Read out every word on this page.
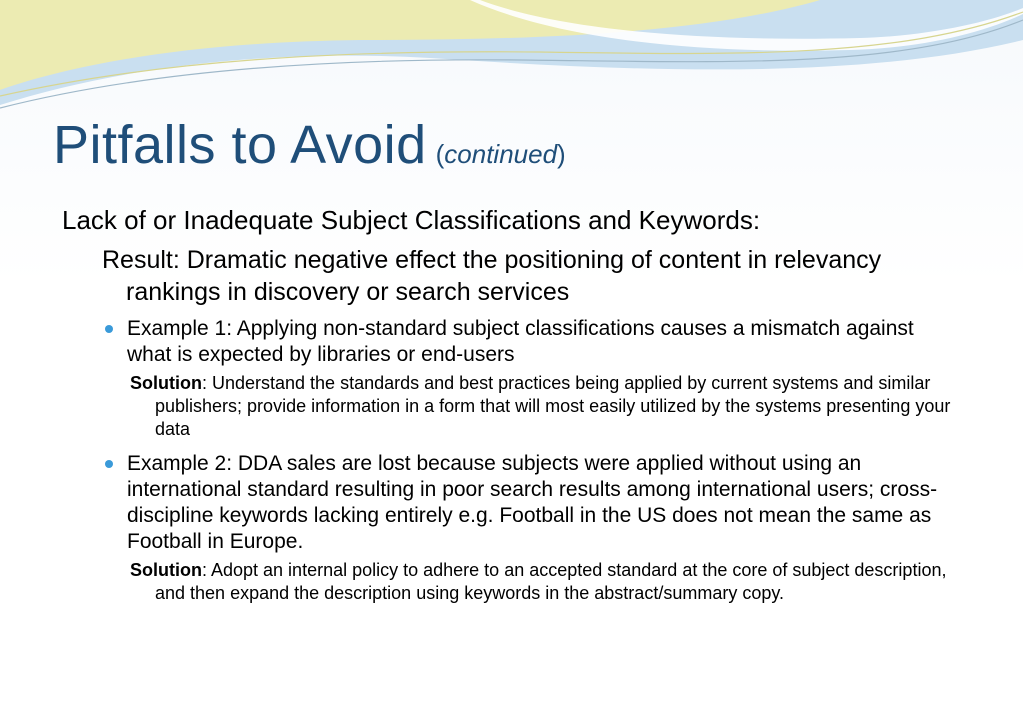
Pitfalls to Avoid (continued)

Lack of or Inadequate Subject Classifications and Keywords:

Result: Dramatic negative effect the positioning of content in relevancy rankings in discovery or search services

Example 1: Applying non-standard subject classifications causes a mismatch against what is expected by libraries or end-users

Solution: Understand the standards and best practices being applied by current systems and similar publishers; provide information in a form that will most easily utilized by the systems presenting your data

Example 2: DDA sales are lost because subjects were applied without using an international standard resulting in poor search results among international users; cross-discipline keywords lacking entirely e.g. Football in the US does not mean the same as Football in Europe.

Solution: Adopt an internal policy to adhere to an accepted standard at the core of subject description, and then expand the description using keywords in the abstract/summary copy.
